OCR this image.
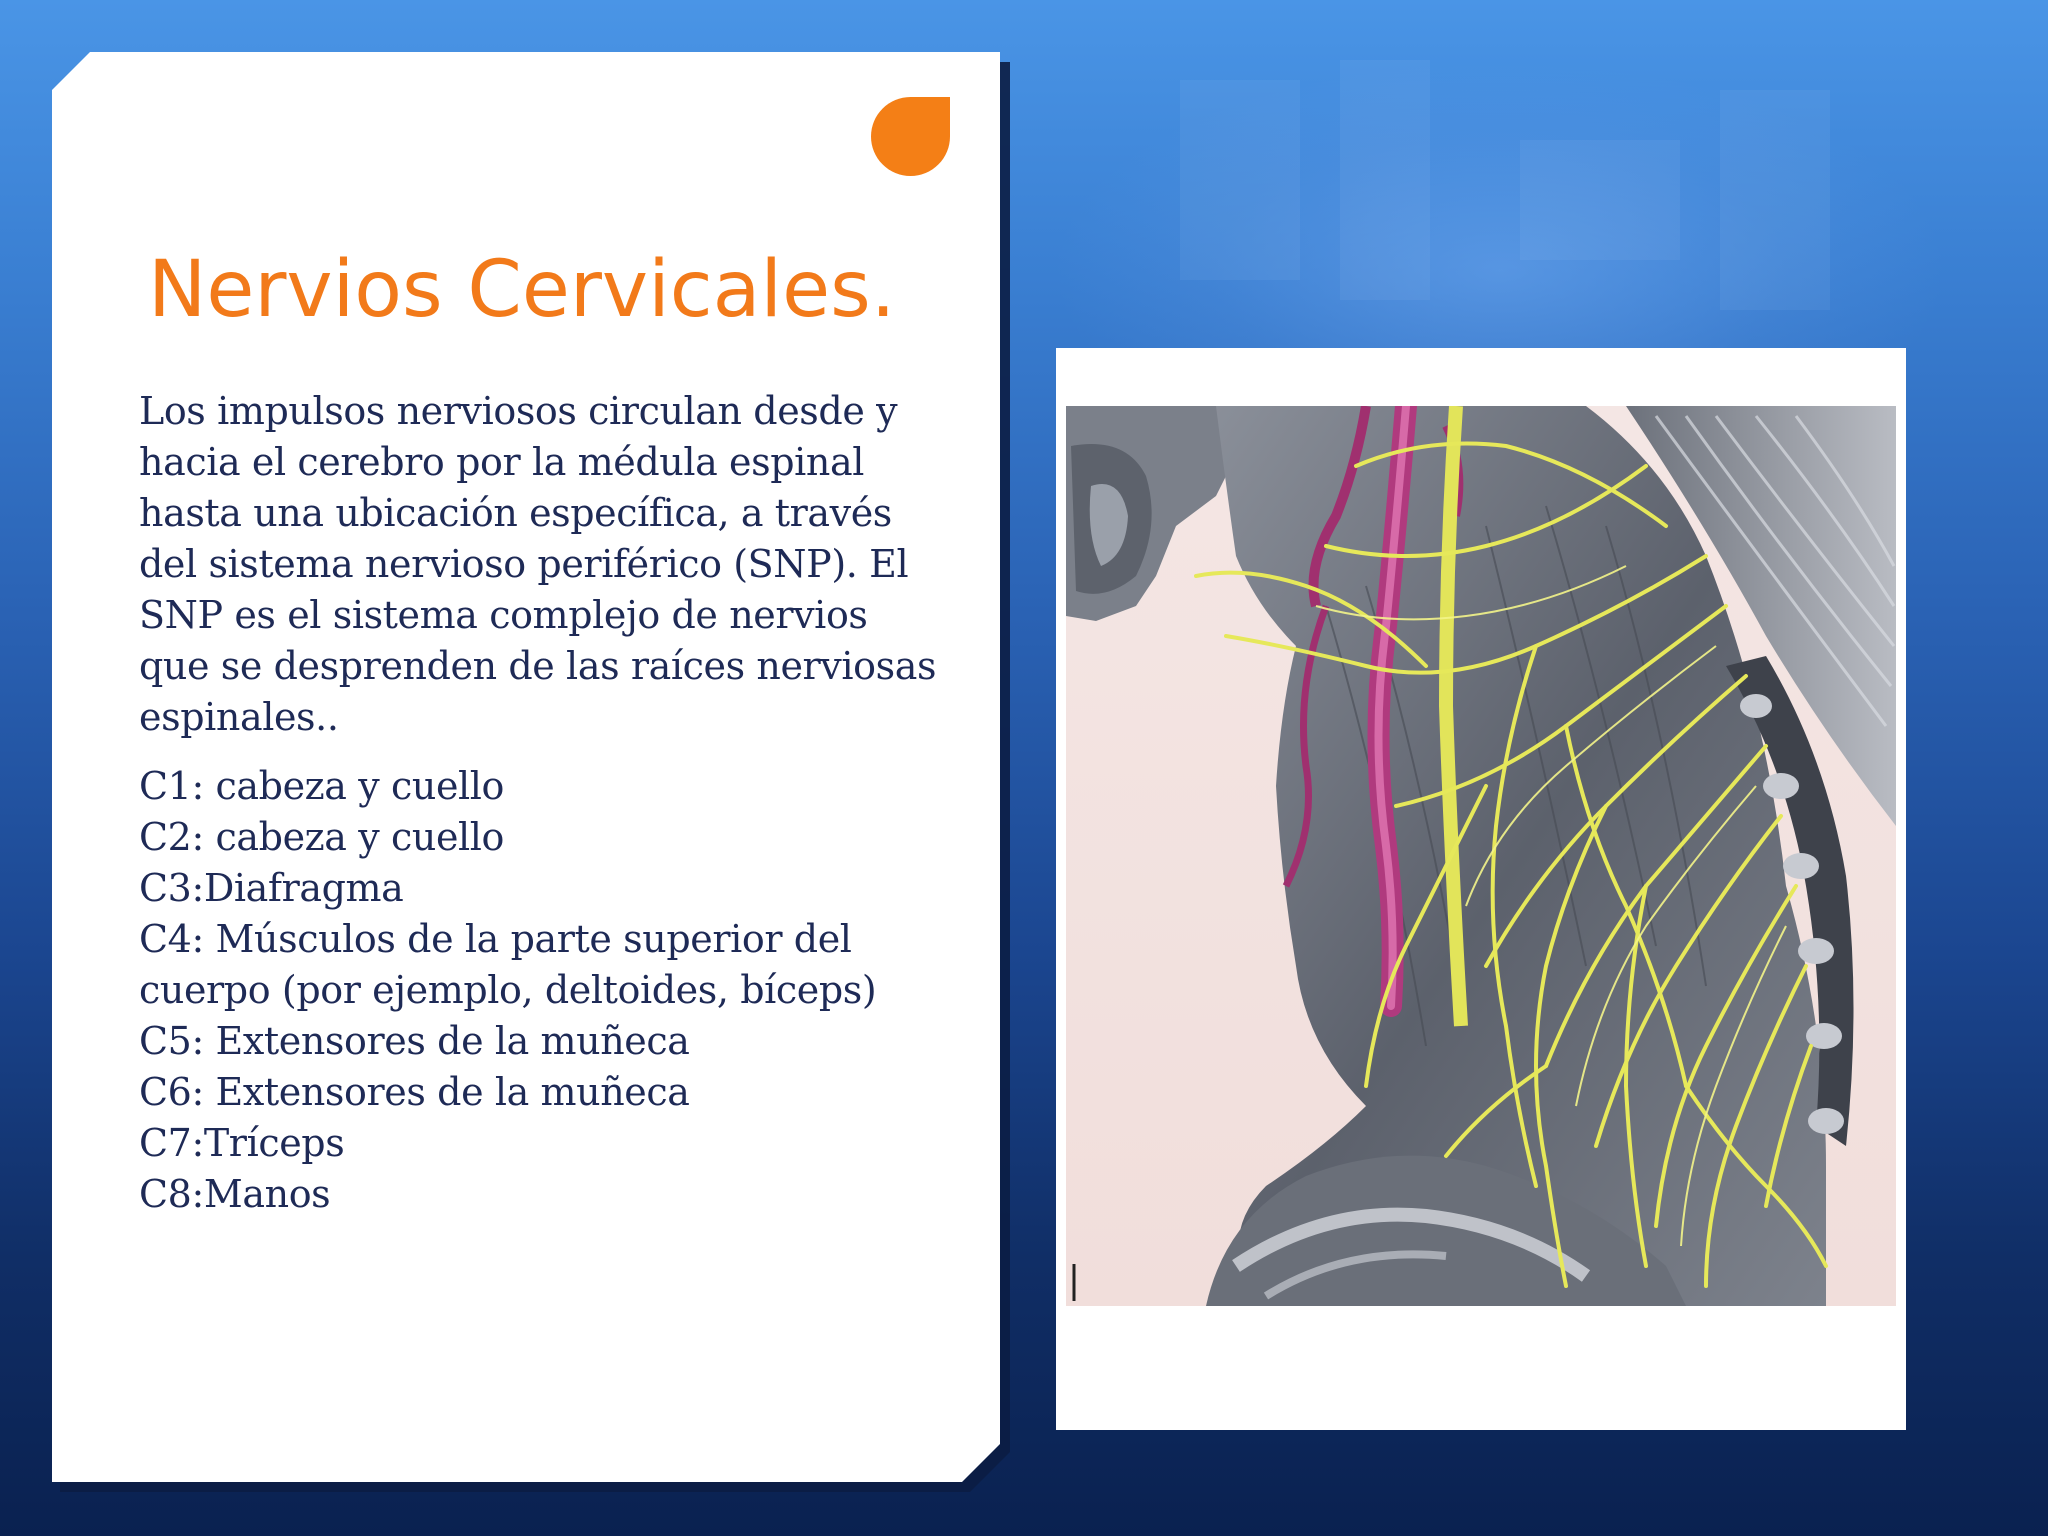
Nervios Cervicales.

Los impulsos nerviosos circulan desde y hacia el cerebro por la médula espinal hasta una ubicación específica, a través del sistema nervioso periférico (SNP). El SNP es el sistema complejo de nervios que se desprenden de las raíces nerviosas espinales..

C1: cabeza y cuello
C2: cabeza y cuello
C3:Diafragma
C4: Músculos de la parte superior del cuerpo (por ejemplo, deltoides, bíceps)
C5: Extensores de la muñeca
C6: Extensores de la muñeca
C7:Tríceps
C8:Manos
